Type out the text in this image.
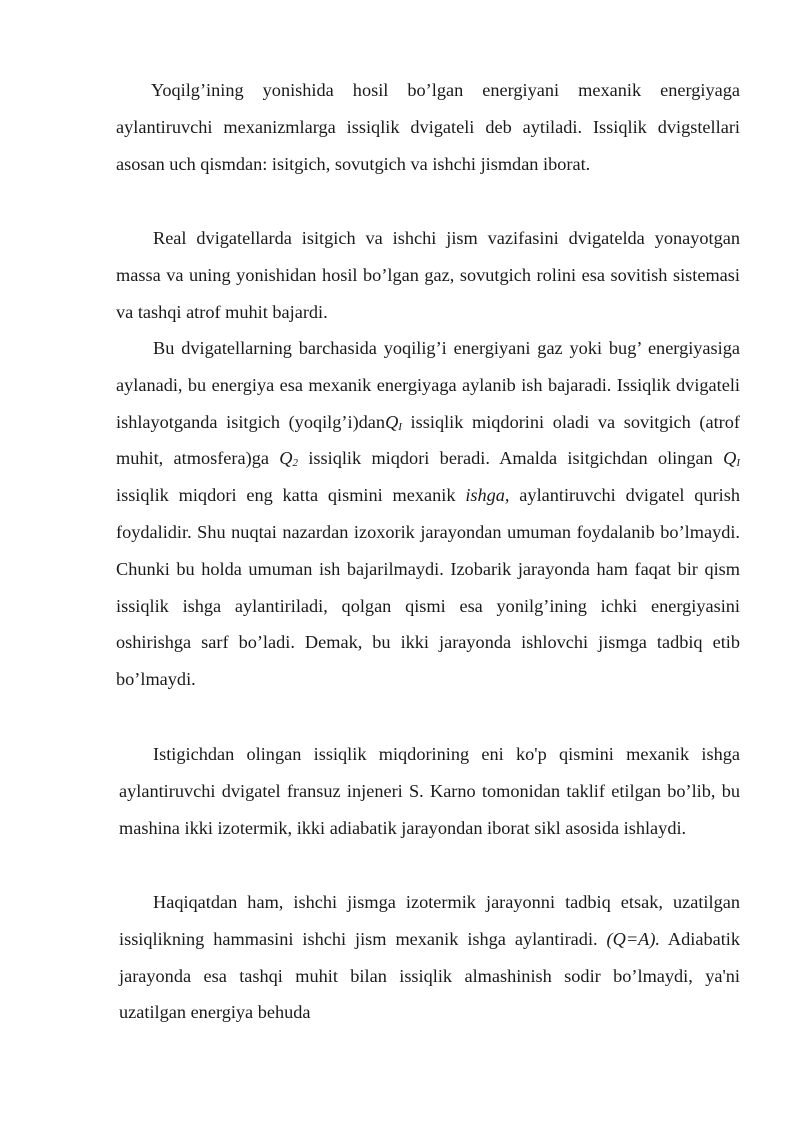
Yoqilg’ining yonishida hosil bo’lgan energiyani mexanik energiyaga aylantiruvchi mexanizmlarga issiqlik dvigateli deb aytiladi. Issiqlik dvigstellari asosan uch qismdan: isitgich, sovutgich va ishchi jismdan iborat.

Real dvigatellarda isitgich va ishchi jism vazifasini dvigatelda yonayotgan massa va uning yonishidan hosil bo’lgan gaz, sovutgich rolini esa sovitish sistemasi va tashqi atrof muhit bajardi.

Bu dvigatellarning barchasida yoqilig’i energiyani gaz yoki bug’ energiyasiga aylanadi, bu energiya esa mexanik energiyaga aylanib ish bajaradi. Issiqlik dvigateli ishlayotganda isitgich (yoqilg’i)danQ$_I$ issiqlik miqdorini oladi va sovitgich (atrof muhit, atmosfera)ga $Q_2$ issiqlik miqdori beradi. Amalda isitgichdan olingan $Q_I$ issiqlik miqdori eng katta qismini mexanik ishga, aylantiruvchi dvigatel qurish foydalidir. Shu nuqtai nazardan izoxorik jarayondan umuman foydalanib bo’lmaydi. Chunki bu holda umuman ish bajarilmaydi. Izobarik jarayonda ham faqat bir qism issiqlik ishga aylantiriladi, qolgan qismi esa yonilg’ining ichki energiyasini oshirishga sarf bo’ladi. Demak, bu ikki jarayonda ishlovchi jismga tadbiq etib bo’lmaydi.

Istigichdan olingan issiqlik miqdorining eni ko'p qismini mexanik ishga aylantiruvchi dvigatel fransuz injeneri S. Karno tomonidan taklif etilgan bo’lib, bu mashina ikki izotermik, ikki adiabatik jarayondan iborat sikl asosida ishlaydi.

Haqiqatdan ham, ishchi jismga izotermik jarayonni tadbiq etsak, uzatilgan issiqlikning hammasini ishchi jism mexanik ishga aylantiradi. (Q=A). Adiabatik jarayonda esa tashqi muhit bilan issiqlik almashinish sodir bo’lmaydi, ya'ni uzatilgan energiya behuda
